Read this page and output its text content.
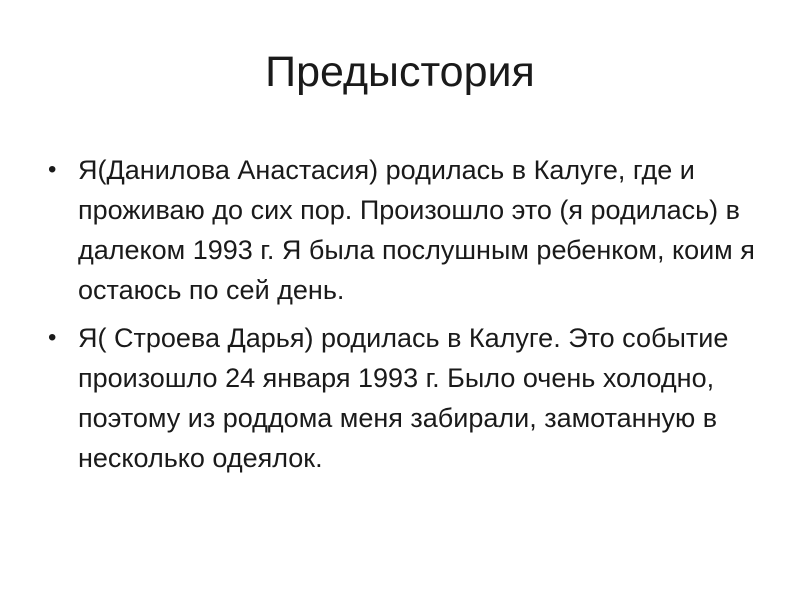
Предыстория
• Я(Данилова Анастасия) родилась в Калуге, где и проживаю до сих пор. Произошло это (я родилась) в далеком 1993 г. Я была послушным ребенком, коим я остаюсь по сей день.
• Я( Строева Дарья) родилась в Калуге. Это событие произошло 24 января 1993 г. Было очень холодно, поэтому из роддома меня забирали, замотанную в несколько одеялок.
